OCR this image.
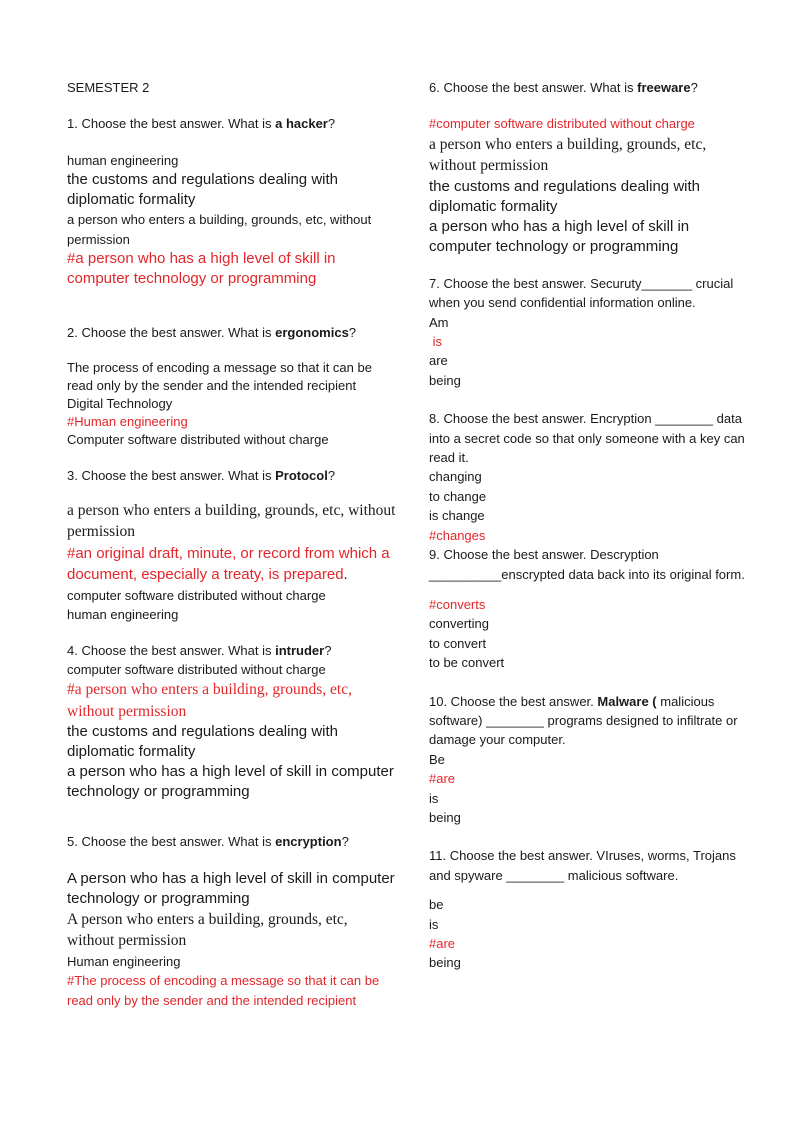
SEMESTER 2

1. Choose the best answer. What is a hacker?

human engineering

the customs and regulations dealing with diplomatic formality

a person who enters a building, grounds, etc, without permission

#a person who has a high level of skill in computer technology or programming

2. Choose the best answer. What is ergonomics?

The process of encoding a message so that it can be read only by the sender and the intended recipient

Digital Technology

#Human engineering

Computer software distributed without charge

3. Choose the best answer. What is Protocol?

a person who enters a building, grounds, etc, without permission

#an original draft, minute, or record from which a document, especially a treaty, is prepared.

computer software distributed without charge

human engineering

4. Choose the best answer. What is intruder?

computer software distributed without charge

#a person who enters a building, grounds, etc, without permission

the customs and regulations dealing with diplomatic formality

a person who has a high level of skill in computer technology or programming

5. Choose the best answer. What is encryption?

A person who has a high level of skill in computer technology or programming

A person who enters a building, grounds, etc, without permission

Human engineering

#The process of encoding a message so that it can be read only by the sender and the intended recipient

6. Choose the best answer. What is freeware?

#computer software distributed without charge

a person who enters a building, grounds, etc, without permission

the customs and regulations dealing with diplomatic formality

a person who has a high level of skill in computer technology or programming

7. Choose the best answer. Securuty_______ crucial when you send confidential information online.

Am

is

are

being

8. Choose the best answer. Encryption ________ data into a secret code so that only someone with a key can read it.

changing

to change

is change

#changes

9. Choose the best answer. Descryption __________enscrypted data back into its original form.

#converts

converting

to convert

to be convert

10. Choose the best answer. Malware ( malicious software) ________ programs designed to infiltrate or damage your computer.

Be

#are

is

being

11. Choose the best answer. VIruses, worms, Trojans and spyware ________ malicious software.

be

is

#are

being
